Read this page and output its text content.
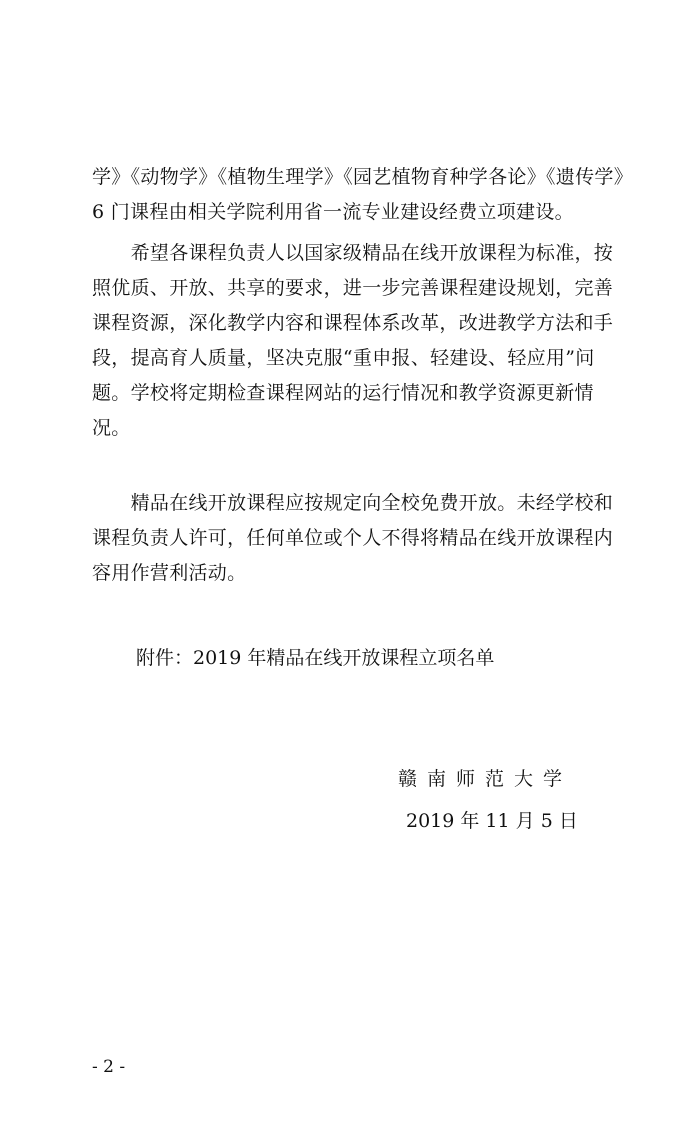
学》《动物学》《植物生理学》《园艺植物育种学各论》《遗传学》
6 门课程由相关学院利用省一流专业建设经费立项建设。
　　希望各课程负责人以国家级精品在线开放课程为标准，按
照优质、开放、共享的要求，进一步完善课程建设规划，完善
课程资源，深化教学内容和课程体系改革，改进教学方法和手
段，提高育人质量，坚决克服“重申报、轻建设、轻应用”问
题。学校将定期检查课程网站的运行情况和教学资源更新情
况。
　　精品在线开放课程应按规定向全校免费开放。未经学校和
课程负责人许可，任何单位或个人不得将精品在线开放课程内
容用作营利活动。
附件：2019 年精品在线开放课程立项名单
赣南师范大学
2019 年 11 月 5 日
- 2 -
